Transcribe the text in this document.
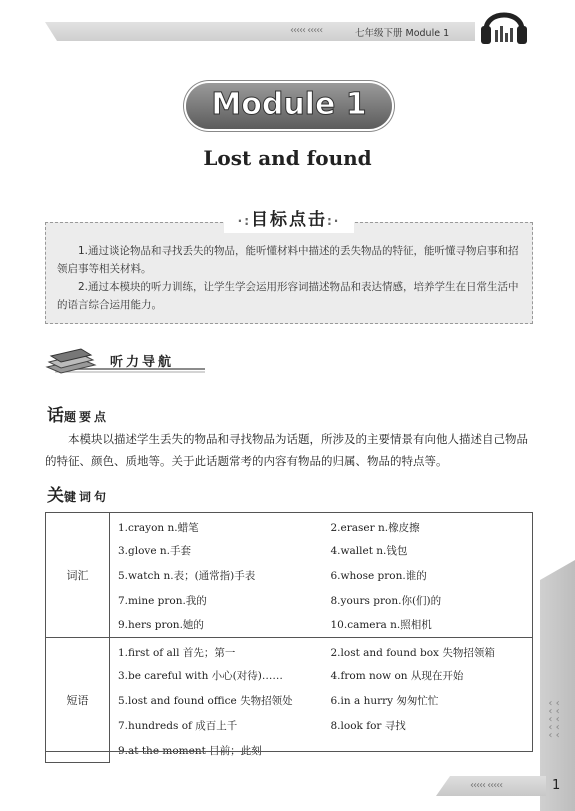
‹‹‹‹‹ ‹‹‹‹‹	七年级下册 Module 1
Module 1
Lost and found
·:目标点击:·

1.通过谈论物品和寻找丢失的物品，能听懂材料中描述的丢失物品的特征，能听懂寻物启事和招领启事等相关材料。

2.通过本模块的听力训练，让学生学会运用形容词描述物品和表达情感，培养学生在日常生活中的语言综合运用能力。

听力导航
话题要点
本模块以描述学生丢失的物品和寻找物品为话题，所涉及的主要情景有向他人描述自己物品的特征、颜色、质地等。关于此话题常考的内容有物品的归属、物品的特点等。
关键词句
词汇	1.crayon n.蜡笔	2.eraser n.橡皮擦
	3.glove n.手套	4.wallet n.钱包
	5.watch n.表；(通常指)手表	6.whose pron.谁的
	7.mine pron.我的	8.yours pron.你(们)的
	9.hers pron.她的	10.camera n.照相机
短语	1.first of all 首先；第一	2.lost and found box 失物招领箱
	3.be careful with 小心(对待)……	4.from now on 从现在开始
	5.lost and found office 失物招领处	6.in a hurry 匆匆忙忙
	7.hundreds of 成百上千	8.look for 寻找
	9.at the moment 目前；此刻	
‹ ‹ ‹ ‹ ‹ ‹ ‹ ‹ ‹ ‹
‹‹‹‹‹ ‹‹‹‹‹	1
